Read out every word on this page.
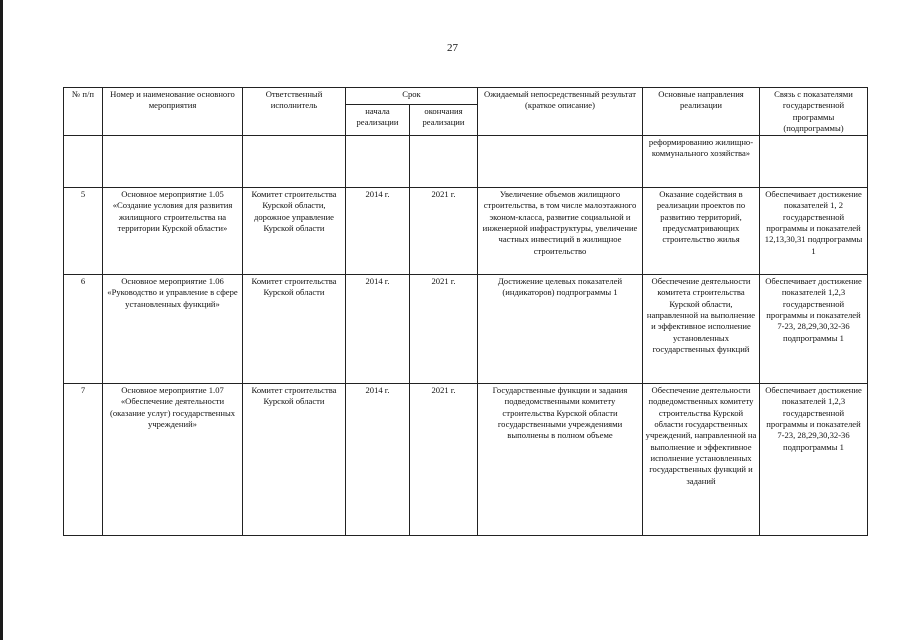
27
№ п/п	Номер и наименование основного мероприятия	Ответственный исполнитель	Срок		Ожидаемый непосредственный результат (краткое описание)	Основные направления реализации	Связь с показателями государственной программы (подпрограммы)
			начала реализации	окончания реализации			
						реформированию жилищно-коммунального хозяйства»	
5	Основное мероприятие 1.05 «Создание условия для развития жилищного строительства на территории Курской области»	Комитет строительства Курской области, дорожное управление Курской области	2014 г.	2021 г.	Увеличение объемов жилищного строительства, в том числе малоэтажного эконом-класса, развитие социальной и инженерной инфраструктуры, увеличение частных инвестиций в жилищное строительство	Оказание содействия в реализации проектов по развитию территорий, предусматривающих строительство жилья	Обеспечивает достижение показателей 1, 2 государственной программы и показателей 12,13,30,31 подпрограммы 1
6	Основное мероприятие 1.06 «Руководство и управление в сфере установленных функций»	Комитет строительства Курской области	2014 г.	2021 г.	Достижение целевых показателей (индикаторов) подпрограммы 1	Обеспечение деятельности комитета строительства Курской области, направленной на выполнение и эффективное исполнение установленных государственных функций	Обеспечивает достижение показателей 1,2,3 государственной программы и показателей 7-23, 28,29,30,32-36 подпрограммы 1
7	Основное мероприятие 1.07 «Обеспечение деятельности (оказание услуг) государственных учреждений»	Комитет строительства Курской области	2014 г.	2021 г.	Государственные функции и задания подведомственными комитету строительства Курской области государственными учреждениями выполнены в полном объеме	Обеспечение деятельности подведомственных комитету строительства Курской области государственных учреждений, направленной на выполнение и эффективное исполнение установленных государственных функций и заданий	Обеспечивает достижение показателей 1,2,3 государственной программы и показателей 7-23, 28,29,30,32-36 подпрограммы 1
